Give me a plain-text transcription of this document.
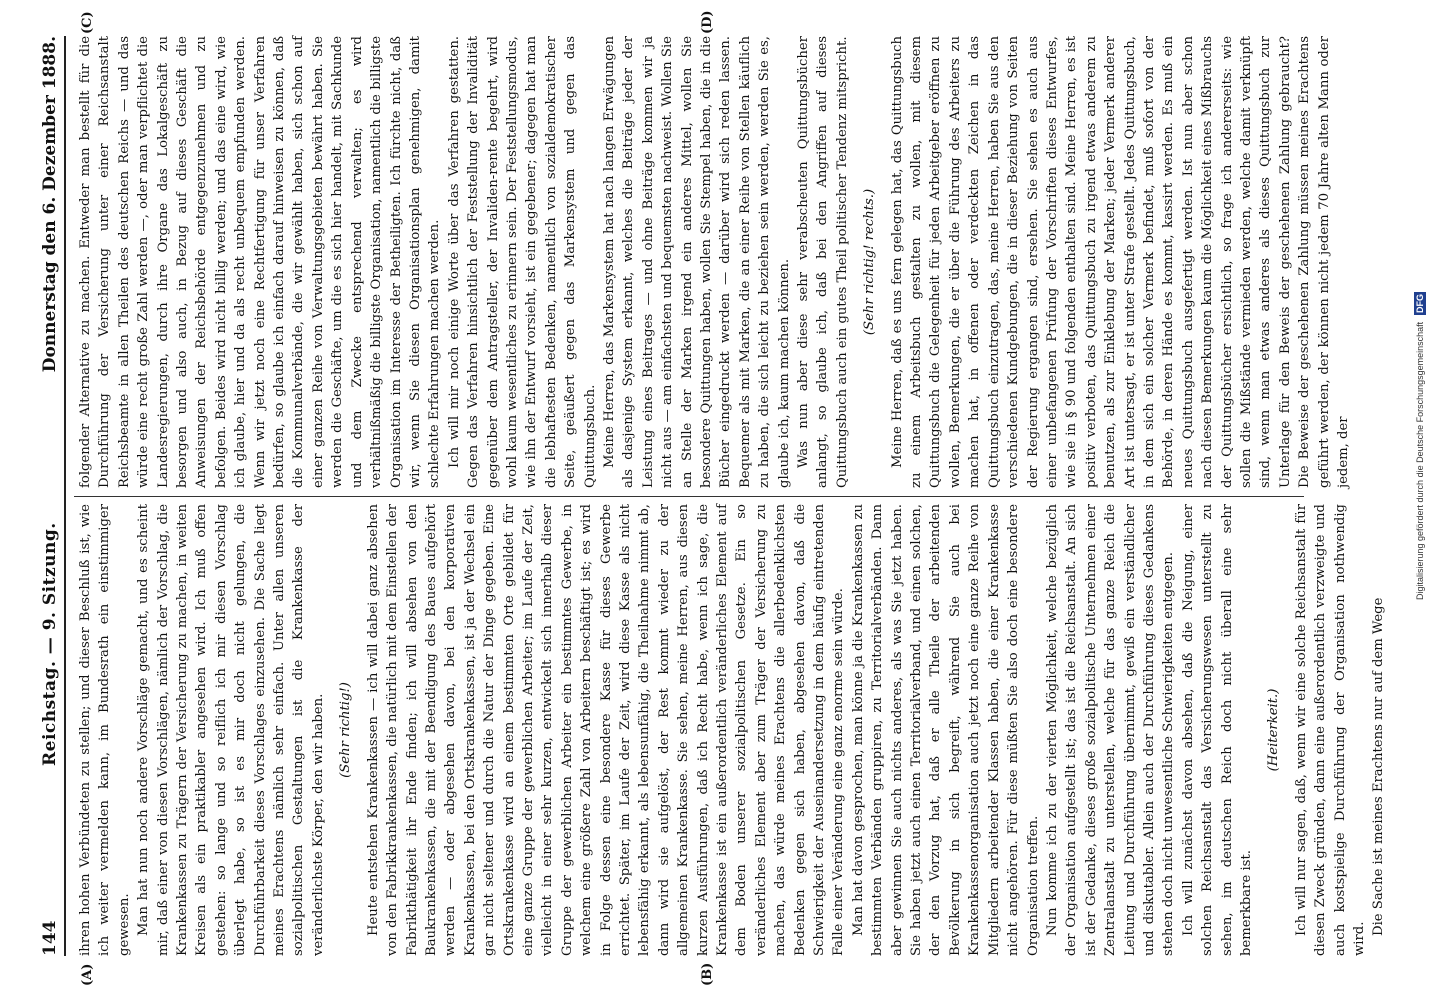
144
Reichstag. — 9. Sitzung.
Donnerstag den 6. Dezember 1888.
(A)	(B)
(C)	(D)

ihren hohen Verbündeten zu stellen; und dieser Beschluß ist, wie ich weiter vermelden kann, im Bundesrath ein einstimmiger gewesen. Man hat nun noch andere Vorschläge gemacht, und es scheint mir, daß einer von diesen Vorschlägen, nämlich der Vorschlag, die Krankenkassen zu Trägern der Versicherung zu machen, in weiten Kreisen als ein praktikabler angesehen wird. Ich muß offen gestehen: so lange und so reiflich ich mir diesen Vorschlag überlegt habe, so ist es mir doch nicht gelungen, die Durchführbarkeit dieses Vorschlages einzusehen. Die Sache liegt meines Erachtens nämlich sehr einfach. Unter allen unseren sozialpolitischen Gestaltungen ist die Krankenkasse der veränderlichste Körper, den wir haben. (Sehr richtig!) Heute entstehen Krankenkassen — ich will dabei ganz absehen von den Fabrikkrankenkassen, die natürlich mit dem Einstellen der Fabrikthätigkeit ihr Ende finden; ich will absehen von den Baukrankenkassen, die mit der Beendigung des Baues aufgehört werden — oder abgesehen davon, bei den korporativen Krankenkassen, bei den Ortskrankenkassen, ist ja der Wechsel ein gar nicht seltener und durch die Natur der Dinge gegeben. Eine Ortskrankenkasse wird an einem bestimmten Orte gebildet für eine ganze Gruppe der gewerblichen Arbeiter; im Laufe der Zeit, vielleicht in einer sehr kurzen, entwickelt sich innerhalb dieser Gruppe der gewerblichen Arbeiter ein bestimmtes Gewerbe, in welchem eine größere Zahl von Arbeitern beschäftigt ist; es wird in Folge dessen eine besondere Kasse für dieses Gewerbe errichtet. Später, im Laufe der Zeit, wird diese Kasse als nicht lebensfähig erkannt, als lebensunfähig, die Theilnahme nimmt ab, dann wird sie aufgelöst, der Rest kommt wieder zu der allgemeinen Krankenkasse. Sie sehen, meine Herren, aus diesen kurzen Ausführungen, daß ich Recht habe, wenn ich sage, die Krankenkasse ist ein außerordentlich veränderliches Element auf dem Boden unserer sozialpolitischen Gesetze. Ein so veränderliches Element aber zum Träger der Versicherung zu machen, das würde meines Erachtens die allerbedenklichsten Bedenken gegen sich haben, abgesehen davon, daß die Schwierigkeit der Auseinandersetzung in dem häufig eintretenden Falle einer Veränderung eine ganz enorme sein würde. Man hat davon gesprochen, man könne ja die Krankenkassen zu bestimmten Verbänden gruppiren, zu Territorialverbänden. Dann aber gewinnen Sie auch nichts anderes, als was Sie jetzt haben. Sie haben jetzt auch einen Territorialverband, und einen solchen, der den Vorzug hat, daß er alle Theile der arbeitenden Bevölkerung in sich begreift, während Sie auch bei Krankenkassenorganisation auch jetzt noch eine ganze Reihe von Mitgliedern arbeitender Klassen haben, die einer Krankenkasse nicht angehören. Für diese müßten Sie also doch eine besondere Organisation treffen. Nun komme ich zu der vierten Möglichkeit, welche bezüglich der Organisation aufgestellt ist; das ist die Reichsanstalt. An sich ist der Gedanke, dieses große sozialpolitische Unternehmen einer Zentralanstalt zu unterstellen, welche für das ganze Reich die Leitung und Durchführung übernimmt, gewiß ein verständlicher und diskutabler. Allein auch der Durchführung dieses Gedankens stehen doch nicht unwesentliche Schwierigkeiten entgegen. Ich will zunächst davon absehen, daß die Neigung, einer solchen Reichsanstalt das Versicherungswesen unterstellt zu sehen, im deutschen Reich doch nicht überall eine sehr bemerkbare ist.

(Heiterkeit.) Ich will nur sagen, daß, wenn wir eine solche Reichsanstalt für diesen Zweck gründen, dann eine außerordentlich verzweigte und auch kostspielige Durchführung der Organisation nothwendig wird.

Die Sache ist meines Erachtens nur auf dem Wege

folgender Alternative zu machen. Entweder man bestellt für die Durchführung der Versicherung unter einer Reichsanstalt Reichsbeamte in allen Theilen des deutschen Reichs — und das würde eine recht große Zahl werden —, oder man verpflichtet die Landesregierungen, durch ihre Organe das Lokalgeschäft zu besorgen und also auch, in Bezug auf dieses Geschäft die Anweisungen der Reichsbehörde entgegenzunehmen und zu befolgen. Beides wird nicht billig werden; und das eine wird, wie ich glaube, hier und da als recht unbequem empfunden werden. Wenn wir jetzt noch eine Rechtfertigung für unser Verfahren bedürfen, so glaube ich einfach darauf hinweisen zu können, daß die Kommunalverbände, die wir gewählt haben, sich schon auf einer ganzen Reihe von Verwaltungsgebieten bewährt haben. Sie werden die Geschäfte, um die es sich hier handelt, mit Sachkunde und dem Zwecke entsprechend verwalten; es wird verhältnißmäßig die billigste Organisation, namentlich die billigste Organisation im Interesse der Betheiligten. Ich fürchte nicht, daß wir, wenn Sie diesen Organisationsplan genehmigen, damit schlechte Erfahrungen machen werden. Ich will mir noch einige Worte über das Verfahren gestatten. Gegen das Verfahren hinsichtlich der Feststellung der Invalidität gegenüber dem Antragsteller, der Invaliden-rente begehrt, wird wohl kaum wesentliches zu erinnern sein. Der Feststellungsmodus, wie ihn der Entwurf vorsieht, ist ein gegebener; dagegen hat man die lebhaftesten Bedenken, namentlich von sozialdemokratischer Seite, geäußert gegen das Markensystem und gegen das Quittungsbuch. Meine Herren, das Markensystem hat nach langen Erwägungen als dasjenige System erkannt, welches die Beiträge jeder der Leistung eines Beitrages — und ohne Beiträge kommen wir ja nicht aus — am einfachsten und bequemsten nachweist. Wollen Sie an Stelle der Marken irgend ein anderes Mittel, wollen Sie besondere Quittungen haben, wollen Sie Stempel haben, die in die Bücher eingedruckt werden — darüber wird sich reden lassen. Bequemer als mit Marken, die an einer Reihe von Stellen käuflich zu haben, die sich leicht zu beziehen sein werden, werden Sie es, glaube ich, kaum machen können. Was nun aber diese sehr verabscheuten Quittungsbücher anlangt, so glaube ich, daß bei den Angriffen auf dieses Quittungsbuch auch ein gutes Theil politischer Tendenz mitspricht. (Sehr richtig! rechts.) Meine Herren, daß es uns fern gelegen hat, das Quittungsbuch zu einem Arbeitsbuch gestalten zu wollen, mit diesem Quittungsbuch die Gelegenheit für jeden Arbeitgeber eröffnen zu wollen, Bemerkungen, die er über die Führung des Arbeiters zu machen hat, in offenen oder verdeckten Zeichen in das Quittungsbuch einzutragen, das, meine Herren, haben Sie aus den verschiedenen Kundgebungen, die in dieser Beziehung von Seiten der Regierung ergangen sind, ersehen. Sie sehen es auch aus einer unbefangenen Prüfung der Vorschriften dieses Entwurfes, wie sie in § 90 und folgenden enthalten sind. Meine Herren, es ist positiv verboten, das Quittungsbuch zu irgend etwas anderem zu benutzen, als zur Einklebung der Marken; jeder Vermerk anderer Art ist untersagt, er ist unter Strafe gestellt. Jedes Quittungsbuch, in dem sich ein solcher Vermerk befindet, muß sofort von der Behörde, in deren Hände es kommt, kassirt werden. Es muß ein neues Quittungsbuch ausgefertigt werden. Ist nun aber schon nach diesen Bemerkungen kaum die Möglichkeit eines Mißbrauchs der Quittungsbücher ersichtlich, so frage ich andererseits: wie sollen die Mißstände vermieden werden, welche damit verknüpft sind, wenn man etwas anderes als dieses Quittungsbuch zur Unterlage für den Beweis der geschehenen Zahlung gebraucht? Die Beweise der geschehenen Zahlung müssen meines Erachtens geführt werden, der können nicht jedem 70 Jahre alten Mann oder jedem, der	Digitalisierung gefördert durch die Deutsche Forschungsgemeinschaft DFG
